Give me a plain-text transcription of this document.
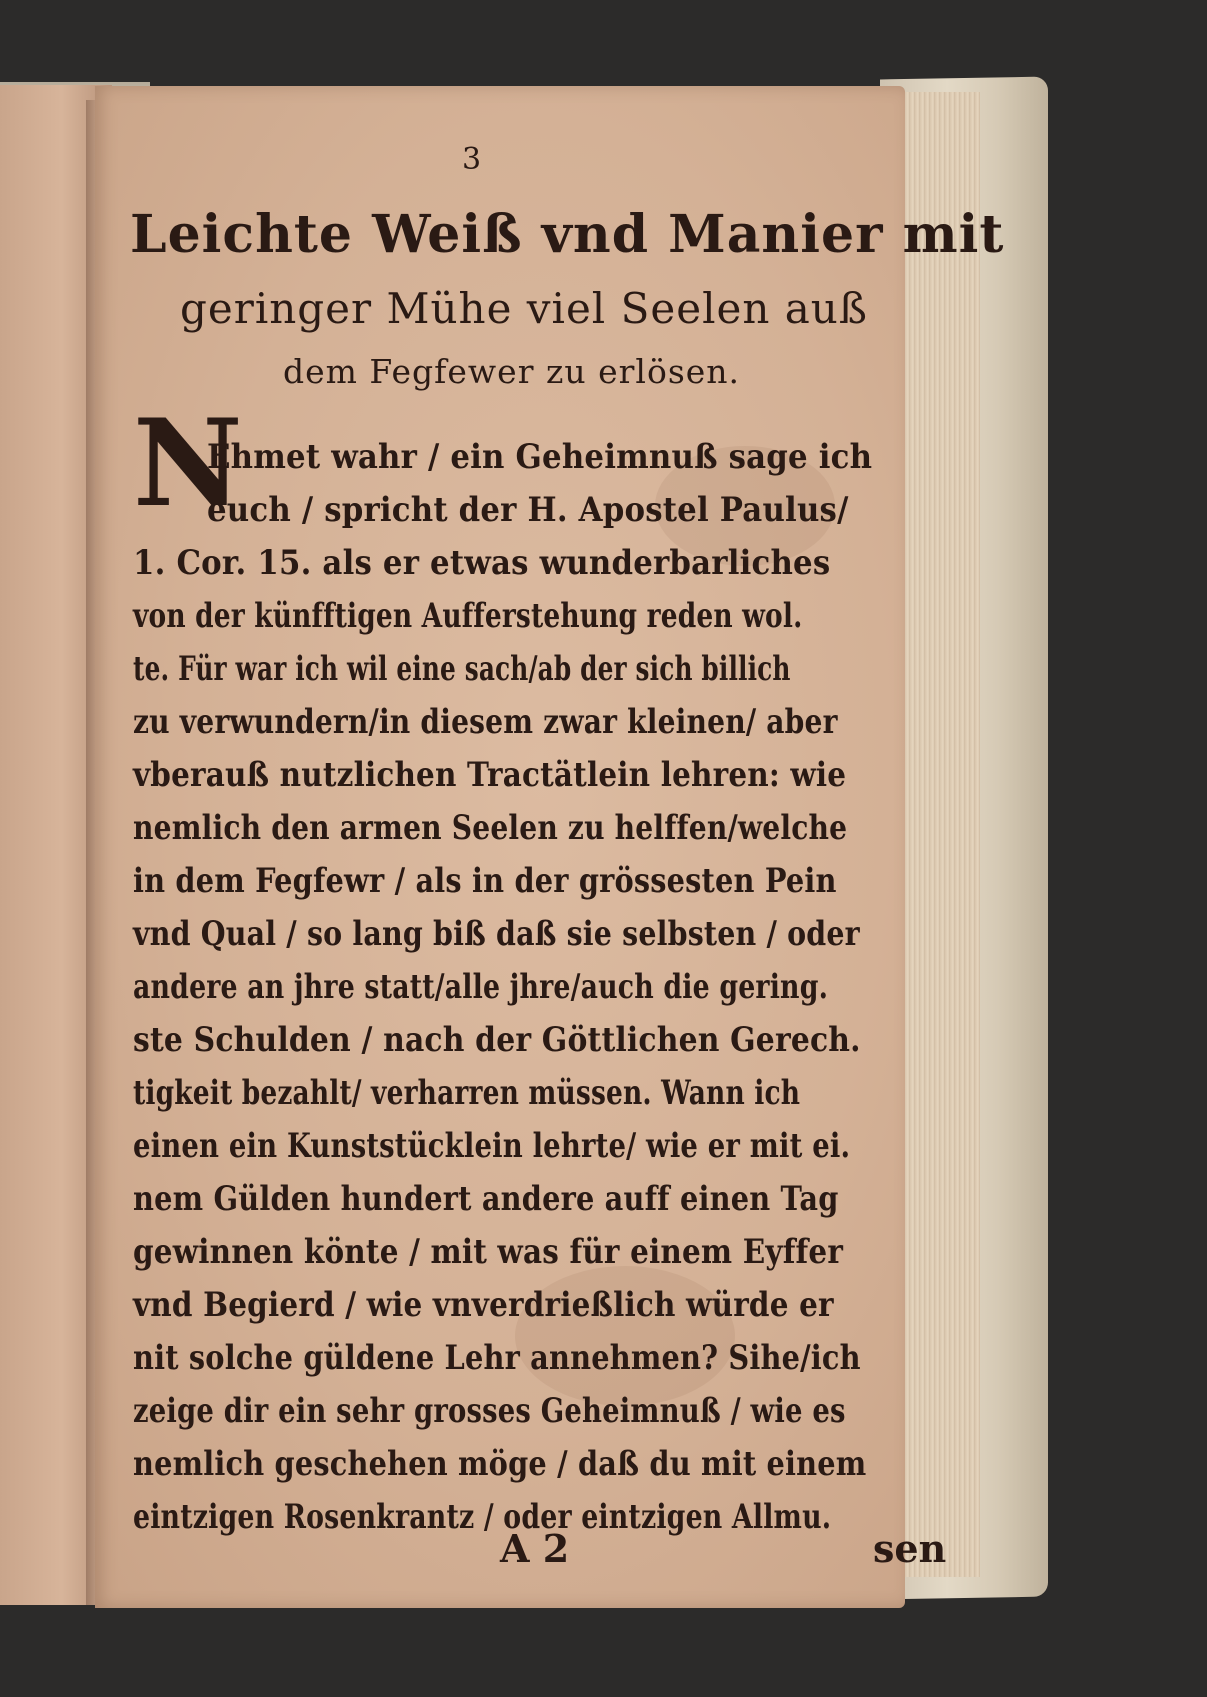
3
Leichte Weiß vnd Manier mit
geringer Mühe viel Seelen auß
dem Fegfewer zu erlösen.
N
Ehmet wahr / ein Geheimnuß sage ich
euch / spricht der H. Apostel Paulus/
1. Cor. 15. als er etwas wunderbarliches
von der künfftigen Aufferstehung reden wol.
te. Für war ich wil eine sach/ab der sich billich
zu verwundern/in diesem zwar kleinen/ aber
vberauß nutzlichen Tractätlein lehren: wie
nemlich den armen Seelen zu helffen/welche
in dem Fegfewr / als in der grössesten Pein
vnd Qual / so lang biß daß sie selbsten / oder
andere an jhre statt/alle jhre/auch die gering.
ste Schulden / nach der Göttlichen Gerech.
tigkeit bezahlt/ verharren müssen. Wann ich
einen ein Kunststücklein lehrte/ wie er mit ei.
nem Gülden hundert andere auff einen Tag
gewinnen könte / mit was für einem Eyffer
vnd Begierd / wie vnverdrießlich würde er
nit solche güldene Lehr annehmen? Sihe/ich
zeige dir ein sehr grosses Geheimnuß / wie es
nemlich geschehen möge / daß du mit einem
eintzigen Rosenkrantz / oder eintzigen Allmu.
A 2	sen
